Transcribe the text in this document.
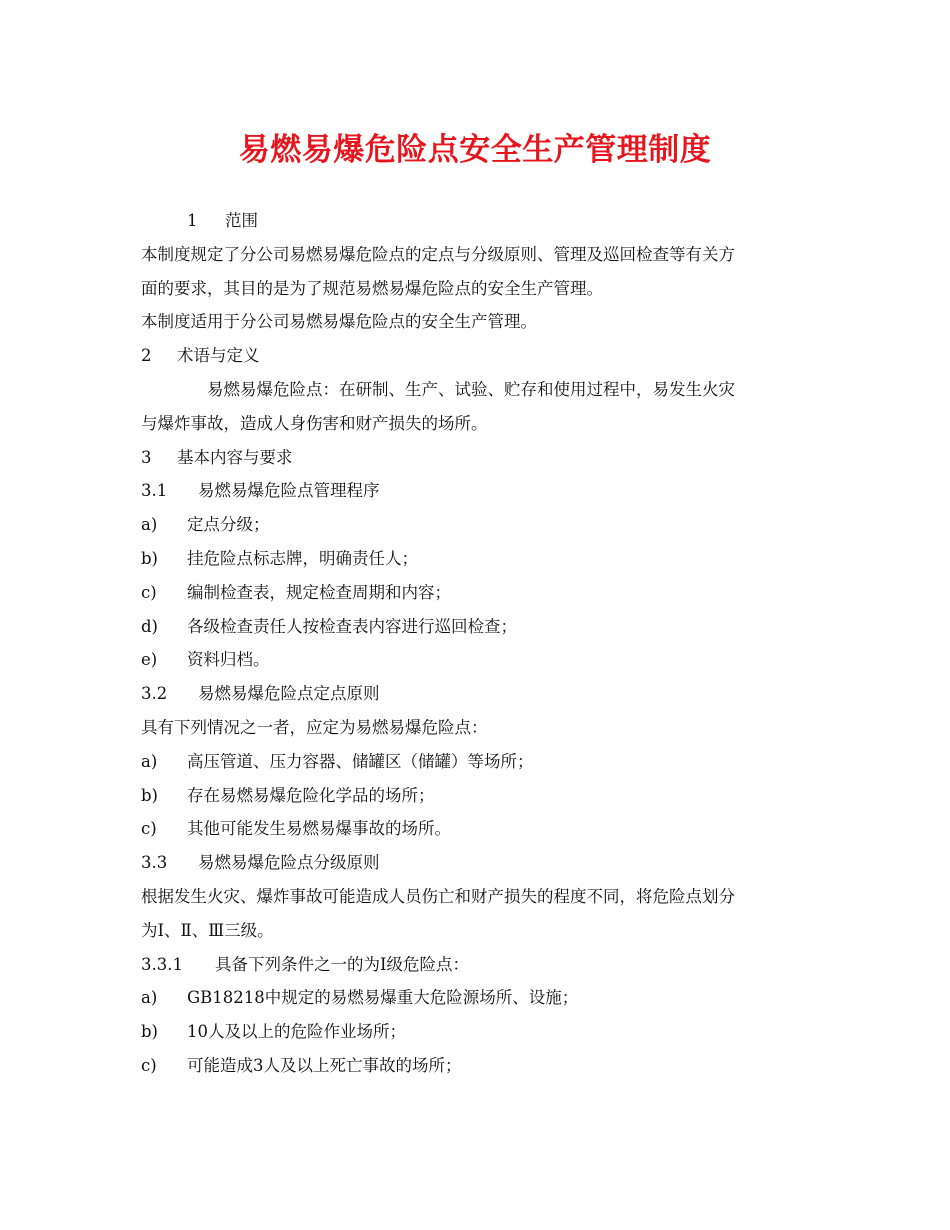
易燃易爆危险点安全生产管理制度
1 范围
本制度规定了分公司易燃易爆危险点的定点与分级原则、管理及巡回检查等有关方
面的要求，其目的是为了规范易燃易爆危险点的安全生产管理。
本制度适用于分公司易燃易爆危险点的安全生产管理。
2 术语与定义
易燃易爆危险点：在研制、生产、试验、贮存和使用过程中，易发生火灾
与爆炸事故，造成人身伤害和财产损失的场所。
3 基本内容与要求
3.1 易燃易爆危险点管理程序
a) 定点分级；
b) 挂危险点标志牌，明确责任人；
c) 编制检查表，规定检查周期和内容；
d) 各级检查责任人按检查表内容进行巡回检查；
e) 资料归档。
3.2 易燃易爆危险点定点原则
具有下列情况之一者，应定为易燃易爆危险点：
a) 高压管道、压力容器、储罐区（储罐）等场所；
b) 存在易燃易爆危险化学品的场所；
c) 其他可能发生易燃易爆事故的场所。
3.3 易燃易爆危险点分级原则
根据发生火灾、爆炸事故可能造成人员伤亡和财产损失的程度不同，将危险点划分
为Ⅰ、Ⅱ、Ⅲ三级。
3.3.1 具备下列条件之一的为Ⅰ级危险点：
a) GB18218中规定的易燃易爆重大危险源场所、设施；
b) 10人及以上的危险作业场所；
c) 可能造成3人及以上死亡事故的场所；
